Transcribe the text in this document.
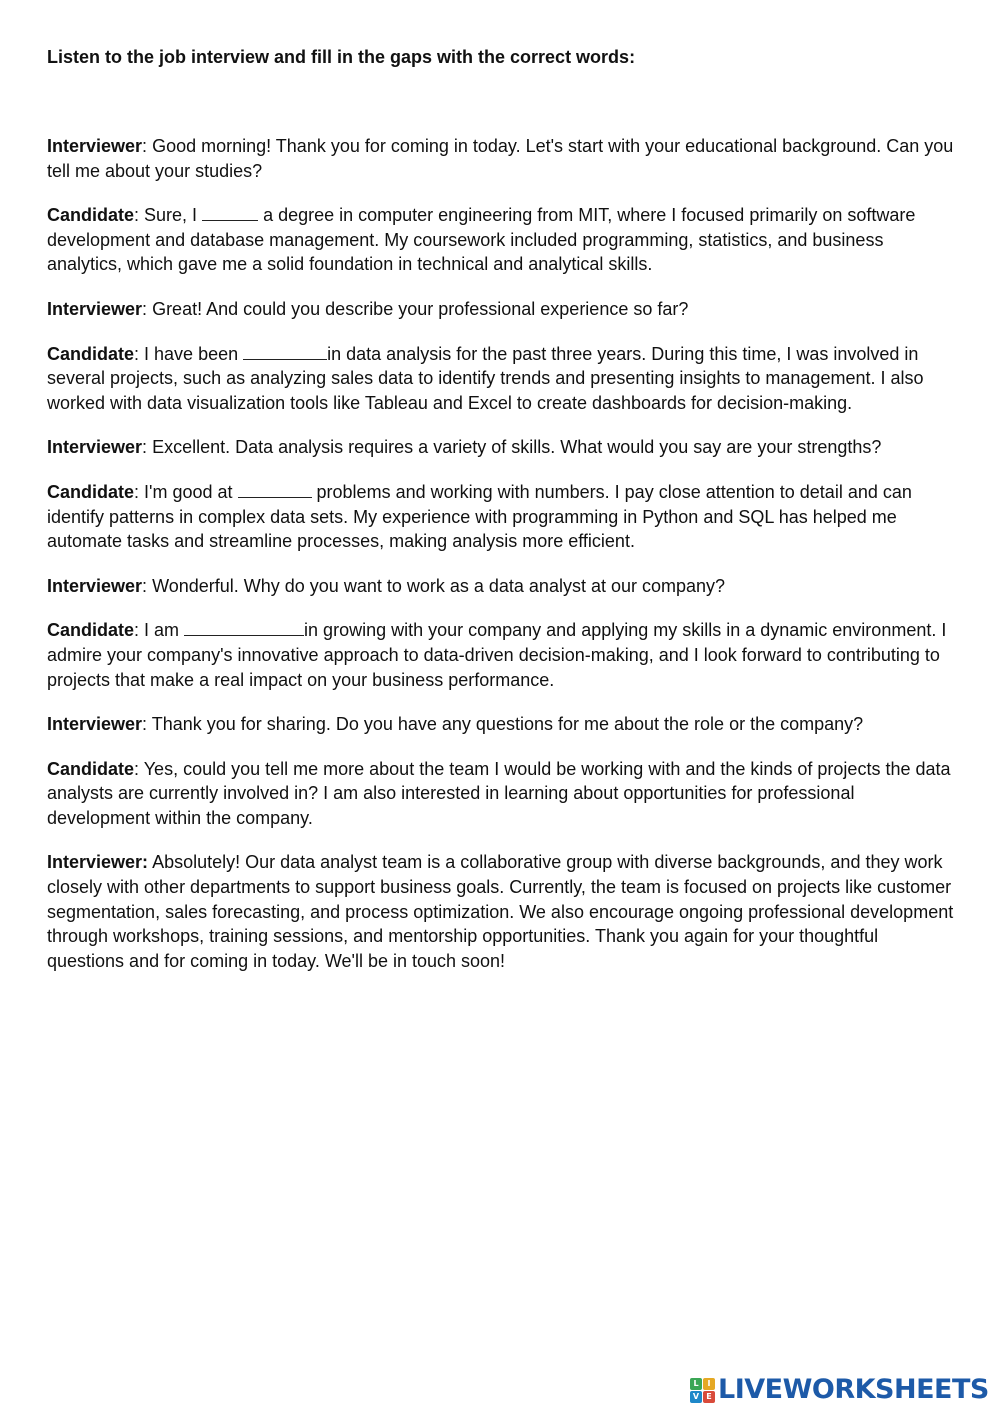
Listen to the job interview and fill in the gaps with the correct words:

Interviewer: Good morning! Thank you for coming in today. Let's start with your educational background. Can you tell me about your studies?

Candidate: Sure, I	a degree in computer engineering from MIT, where I focused primarily on software development and database management. My coursework included programming, statistics, and business analytics, which gave me a solid foundation in technical and analytical skills.

Interviewer: Great! And could you describe your professional experience so far?

Candidate: I have been	in data analysis for the past three years. During this time, I was involved in several projects, such as analyzing sales data to identify trends and presenting insights to management. I also worked with data visualization tools like Tableau and Excel to create dashboards for decision-making.

Interviewer: Excellent. Data analysis requires a variety of skills. What would you say are your strengths?

Candidate: I'm good at	problems and working with numbers. I pay close attention to detail and can identify patterns in complex data sets. My experience with programming in Python and SQL has helped me automate tasks and streamline processes, making analysis more efficient.

Interviewer: Wonderful. Why do you want to work as a data analyst at our company?

Candidate: I am	in growing with your company and applying my skills in a dynamic environment. I admire your company's innovative approach to data-driven decision-making, and I look forward to contributing to projects that make a real impact on your business performance.

Interviewer: Thank you for sharing. Do you have any questions for me about the role or the company?

Candidate: Yes, could you tell me more about the team I would be working with and the kinds of projects the data analysts are currently involved in? I am also interested in learning about opportunities for professional development within the company.

Interviewer: Absolutely! Our data analyst team is a collaborative group with diverse backgrounds, and they work closely with other departments to support business goals. Currently, the team is focused on projects like customer segmentation, sales forecasting, and process optimization. We also encourage ongoing professional development through workshops, training sessions, and mentorship opportunities. Thank you again for your thoughtful questions and for coming in today. We'll be in touch soon!

L	I
V E LIVEWORKSHEETS
